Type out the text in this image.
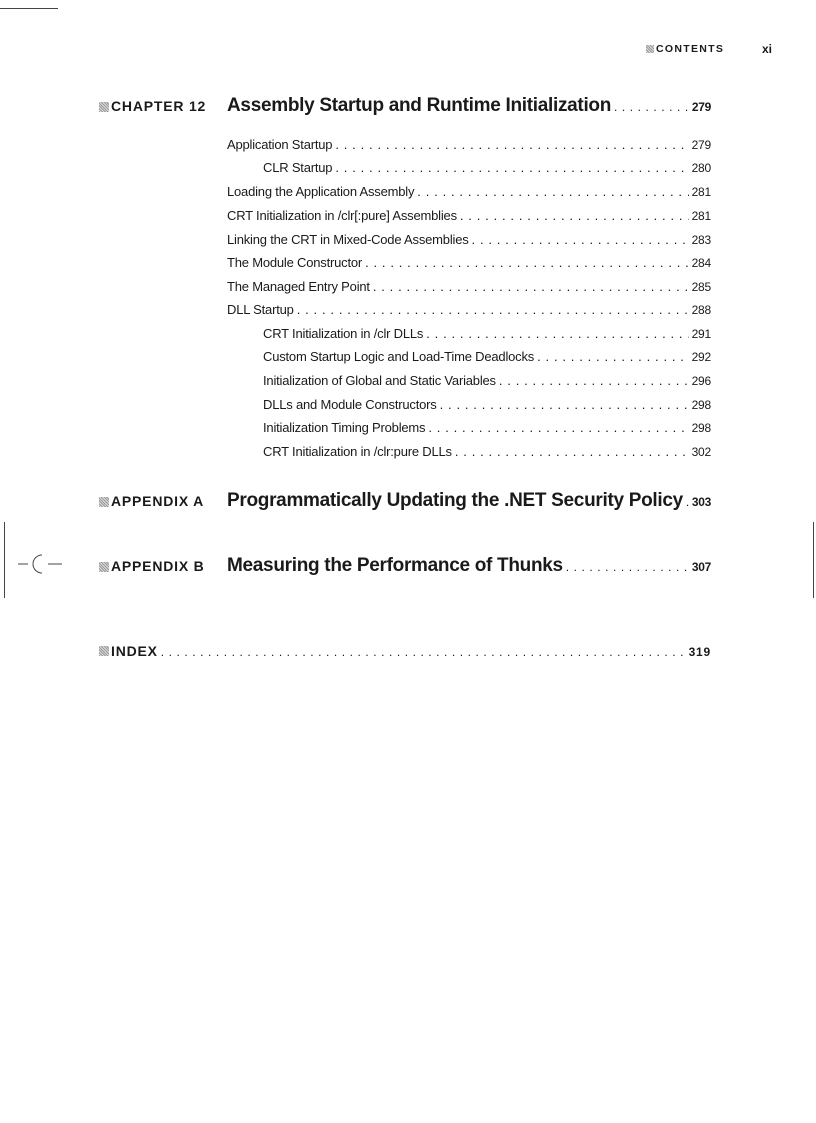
CONTENTS	xi
CHAPTER 12 Assembly Startup and Runtime Initialization . . .	279
Application Startup . . .	279
CLR Startup . . .	280
Loading the Application Assembly . . .	281
CRT Initialization in /clr[:pure] Assemblies . . .	281
Linking the CRT in Mixed-Code Assemblies . . .	283
The Module Constructor . . .	284
The Managed Entry Point . . .	285
DLL Startup . . .	288
CRT Initialization in /clr DLLs . . .	291
Custom Startup Logic and Load-Time Deadlocks . . .	292
Initialization of Global and Static Variables . . .	296
DLLs and Module Constructors . . .	298
Initialization Timing Problems . . .	298
CRT Initialization in /clr:pure DLLs . . .	302
APPENDIX A Programmatically Updating the .NET Security Policy . . . 303
APPENDIX B Measuring the Performance of Thunks . . .	307
INDEX . . .	319
